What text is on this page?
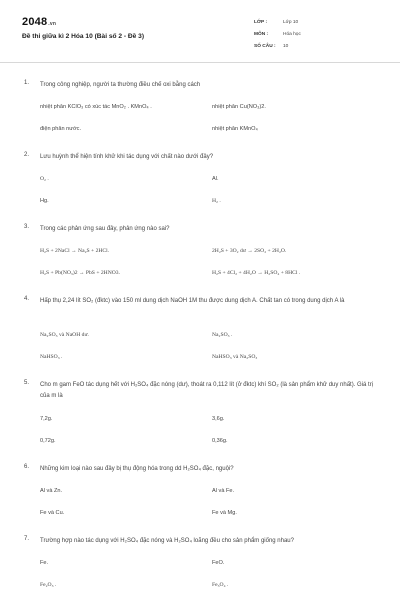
2048.vn
Đề thi giữa kì 2 Hóa 10 (Bài số 2 - Đề 3)
LỚP :	Lớp 10
MÔN :	Hóa học
SỐ CÂU :	10
1. Trong công nghiệp, người ta thường điều chế oxi bằng cách
nhiệt phân KClO₃ có xúc tác MnO₂ . KMnO₄ .	nhiệt phân Cu(NO₃)2.
điện phân nước.	nhiệt phân KMnO₄
2. Lưu huỳnh thể hiện tính khử khi tác dụng với chất nào dưới đây?
O₂ .	Al.
Hg.	H₂ .
3. Trong các phản ứng sau đây, phản ứng nào sai?
H₂S + 2NaCl → Na₂S + 2HCl.	2H₂S + 3O₂ dư → 2SO₂ + 2H₂O.
H₂S + Pb(NO₃)2 → PbS + 2HNO3.	H₂S + 4Cl₂ + 4H₂O → H₂SO₄ + 8HCl .
4. Hấp thụ 2,24 lít SO₂ (đktc) vào 150 ml dung dịch NaOH 1M thu được dung dịch A. Chất tan có trong dung dịch A là
Na₂SO₃ và NaOH dư.	Na₂SO₃ .
NaHSO₃ .	NaHSO₃ và Na₂SO₃
5. Cho m gam FeO tác dụng hết với H₂SO₄ đặc nóng (dư), thoát ra 0,112 lít (ở đktc) khí SO₂ (là sản phẩm khử duy nhất). Giá trị của m là
7,2g.	3,6g.
0,72g.	0,36g.
6. Những kim loại nào sau đây bị thụ động hóa trong dd H₂SO₄ đặc, nguội?
Al và Zn.	Al và Fe.
Fe và Cu.	Fe và Mg.
7. Trường hợp nào tác dụng với H₂SO₄ đặc nóng và H₂SO₄ loãng đều cho sản phẩm giống nhau?
Fe.	FeO.
Fe₂O₃ .	Fe₃O₄ .
